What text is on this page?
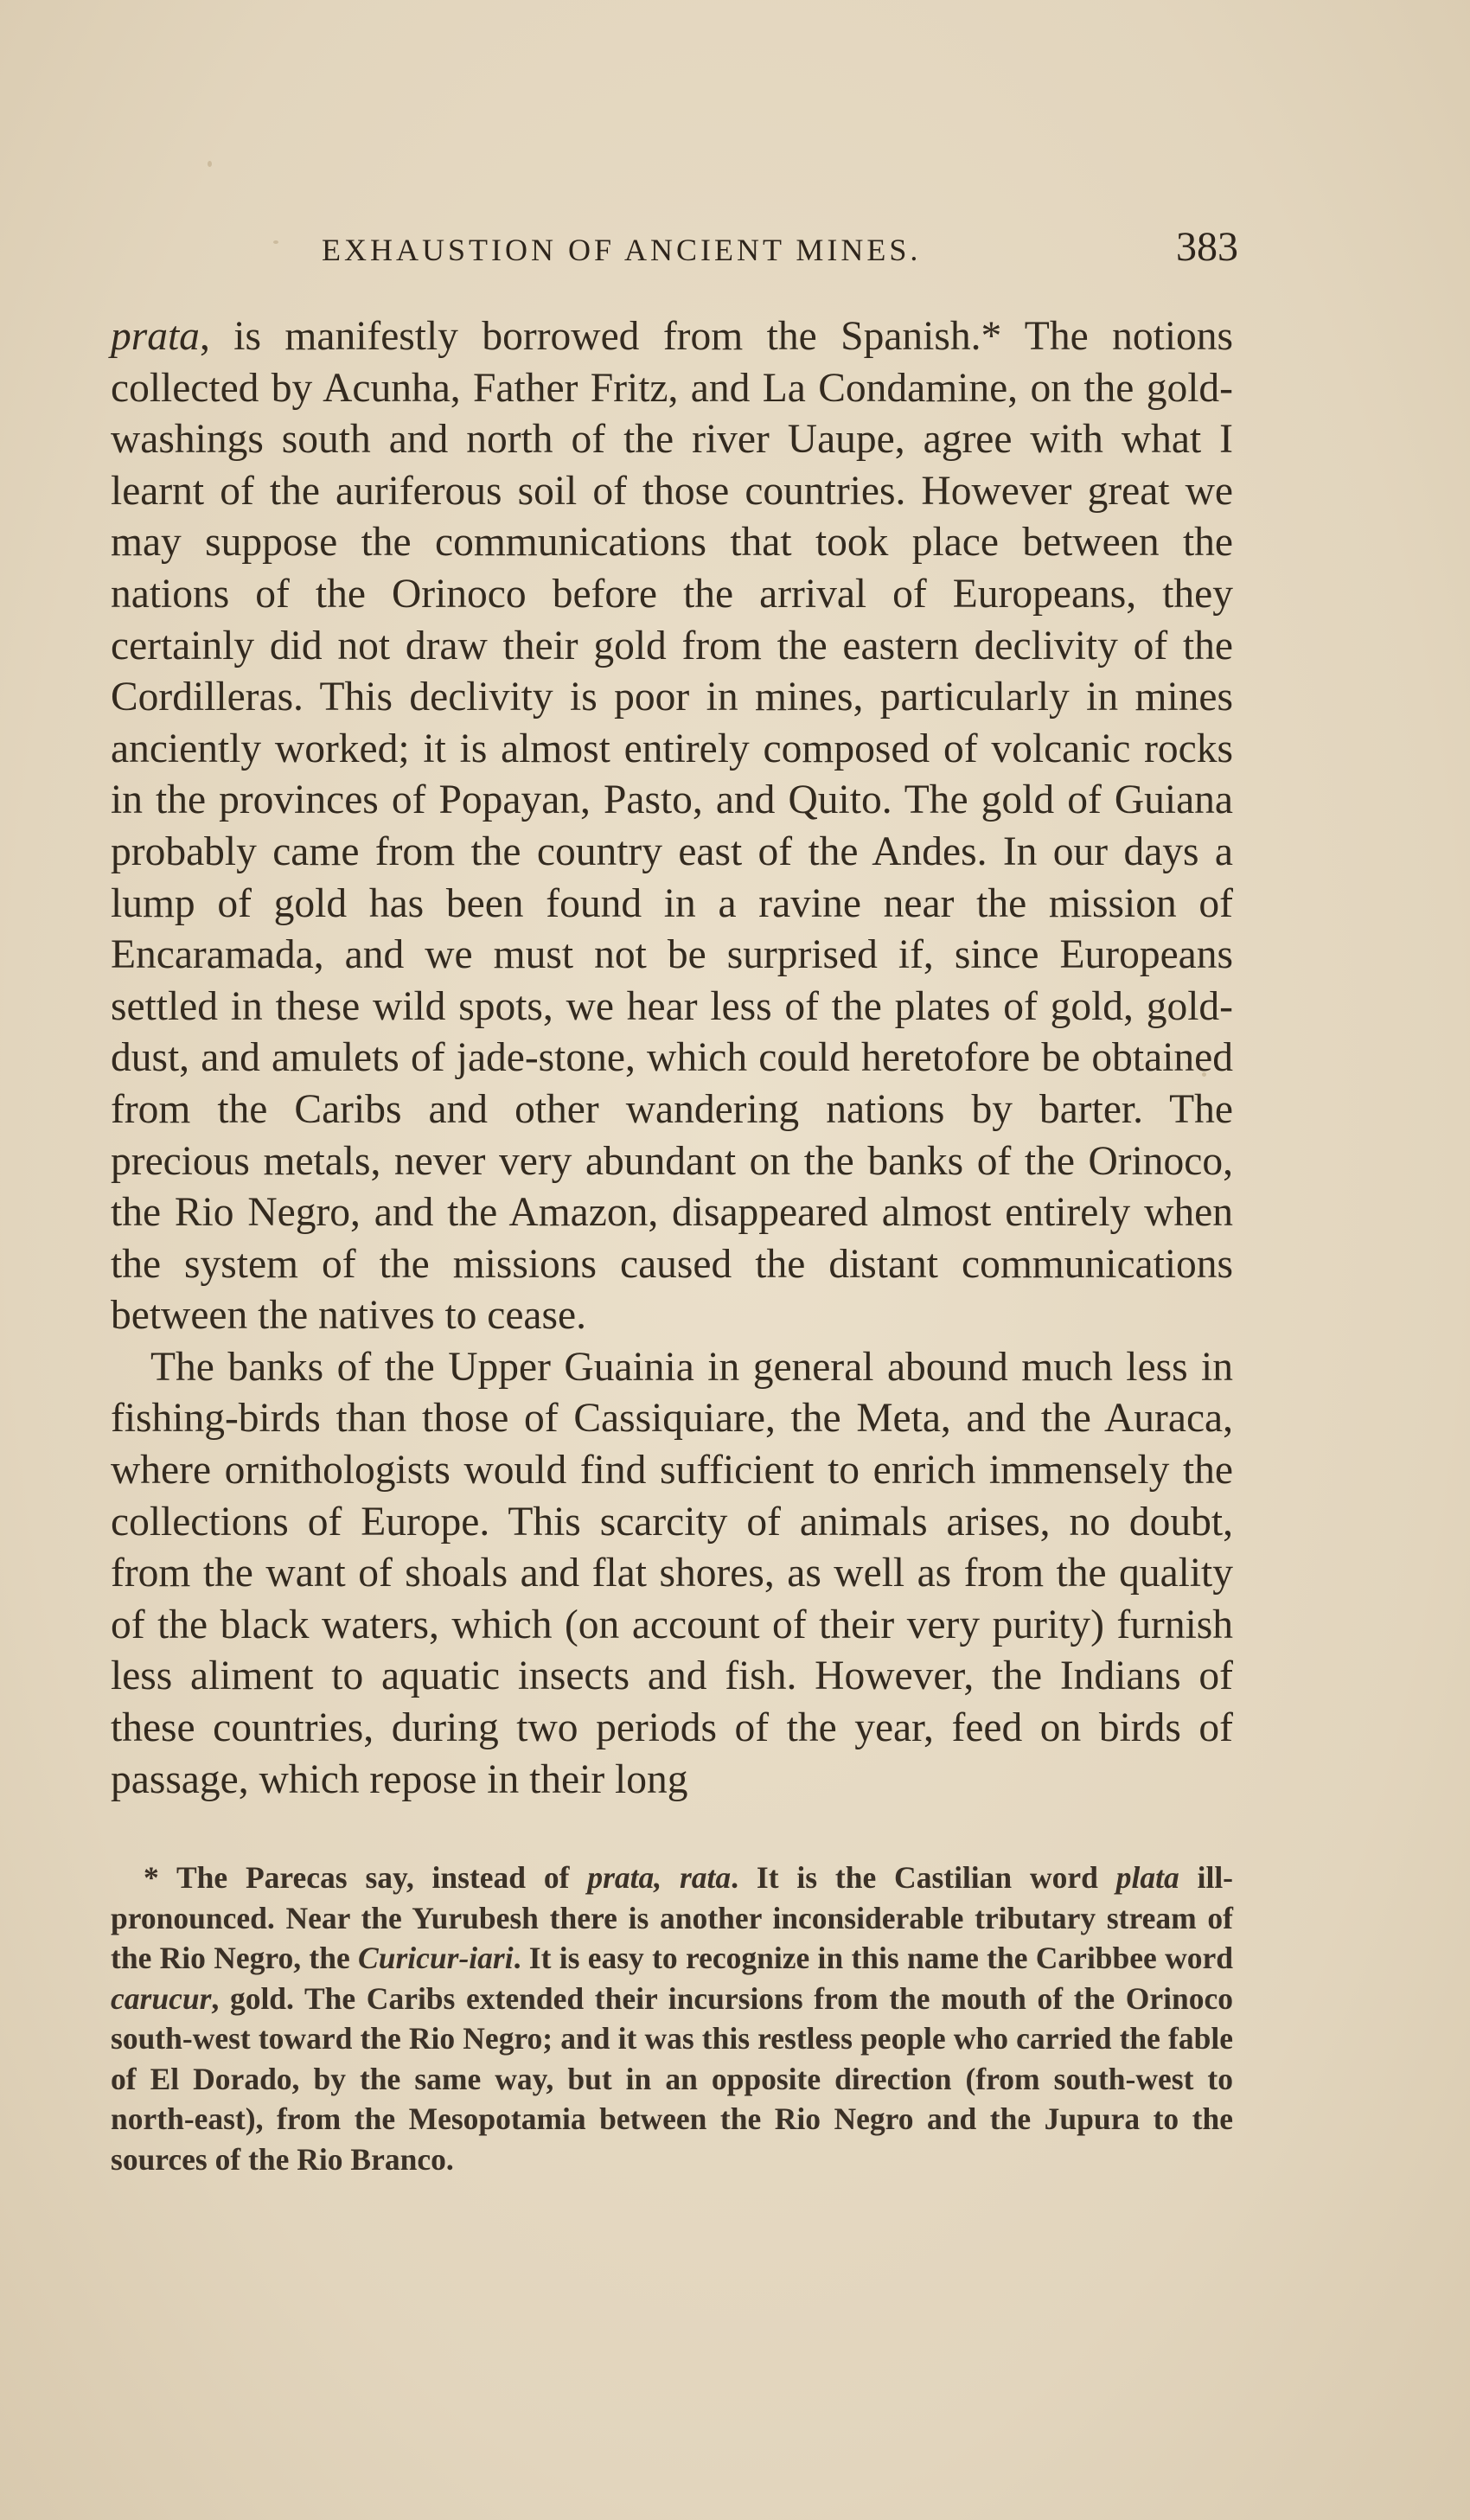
EXHAUSTION OF ANCIENT MINES.	383

prata, is manifestly borrowed from the Spanish.* The notions collected by Acunha, Father Fritz, and La Condamine, on the gold-washings south and north of the river Uaupe, agree with what I learnt of the auriferous soil of those countries. However great we may suppose the communications that took place between the nations of the Orinoco before the arrival of Europeans, they certainly did not draw their gold from the eastern declivity of the Cordilleras. This declivity is poor in mines, particularly in mines anciently worked; it is almost entirely composed of volcanic rocks in the provinces of Popayan, Pasto, and Quito. The gold of Guiana probably came from the country east of the Andes. In our days a lump of gold has been found in a ravine near the mission of Encaramada, and we must not be surprised if, since Europeans settled in these wild spots, we hear less of the plates of gold, gold-dust, and amulets of jade-stone, which could heretofore be obtained from the Caribs and other wandering nations by barter. The precious metals, never very abundant on the banks of the Orinoco, the Rio Negro, and the Amazon, disappeared almost entirely when the system of the missions caused the distant communications between the natives to cease.

The banks of the Upper Guainia in general abound much less in fishing-birds than those of Cassiquiare, the Meta, and the Auraca, where ornithologists would find sufficient to enrich immensely the collections of Europe. This scarcity of animals arises, no doubt, from the want of shoals and flat shores, as well as from the quality of the black waters, which (on account of their very purity) furnish less aliment to aquatic insects and fish. However, the Indians of these countries, during two periods of the year, feed on birds of passage, which repose in their long

* The Parecas say, instead of prata, rata. It is the Castilian word plata ill-pronounced. Near the Yurubesh there is another inconsiderable tributary stream of the Rio Negro, the Curicur-iari. It is easy to recognize in this name the Caribbee word carucur, gold. The Caribs extended their incursions from the mouth of the Orinoco south-west toward the Rio Negro; and it was this restless people who carried the fable of El Dorado, by the same way, but in an opposite direction (from south-west to north-east), from the Mesopotamia between the Rio Negro and the Jupura to the sources of the Rio Branco.
